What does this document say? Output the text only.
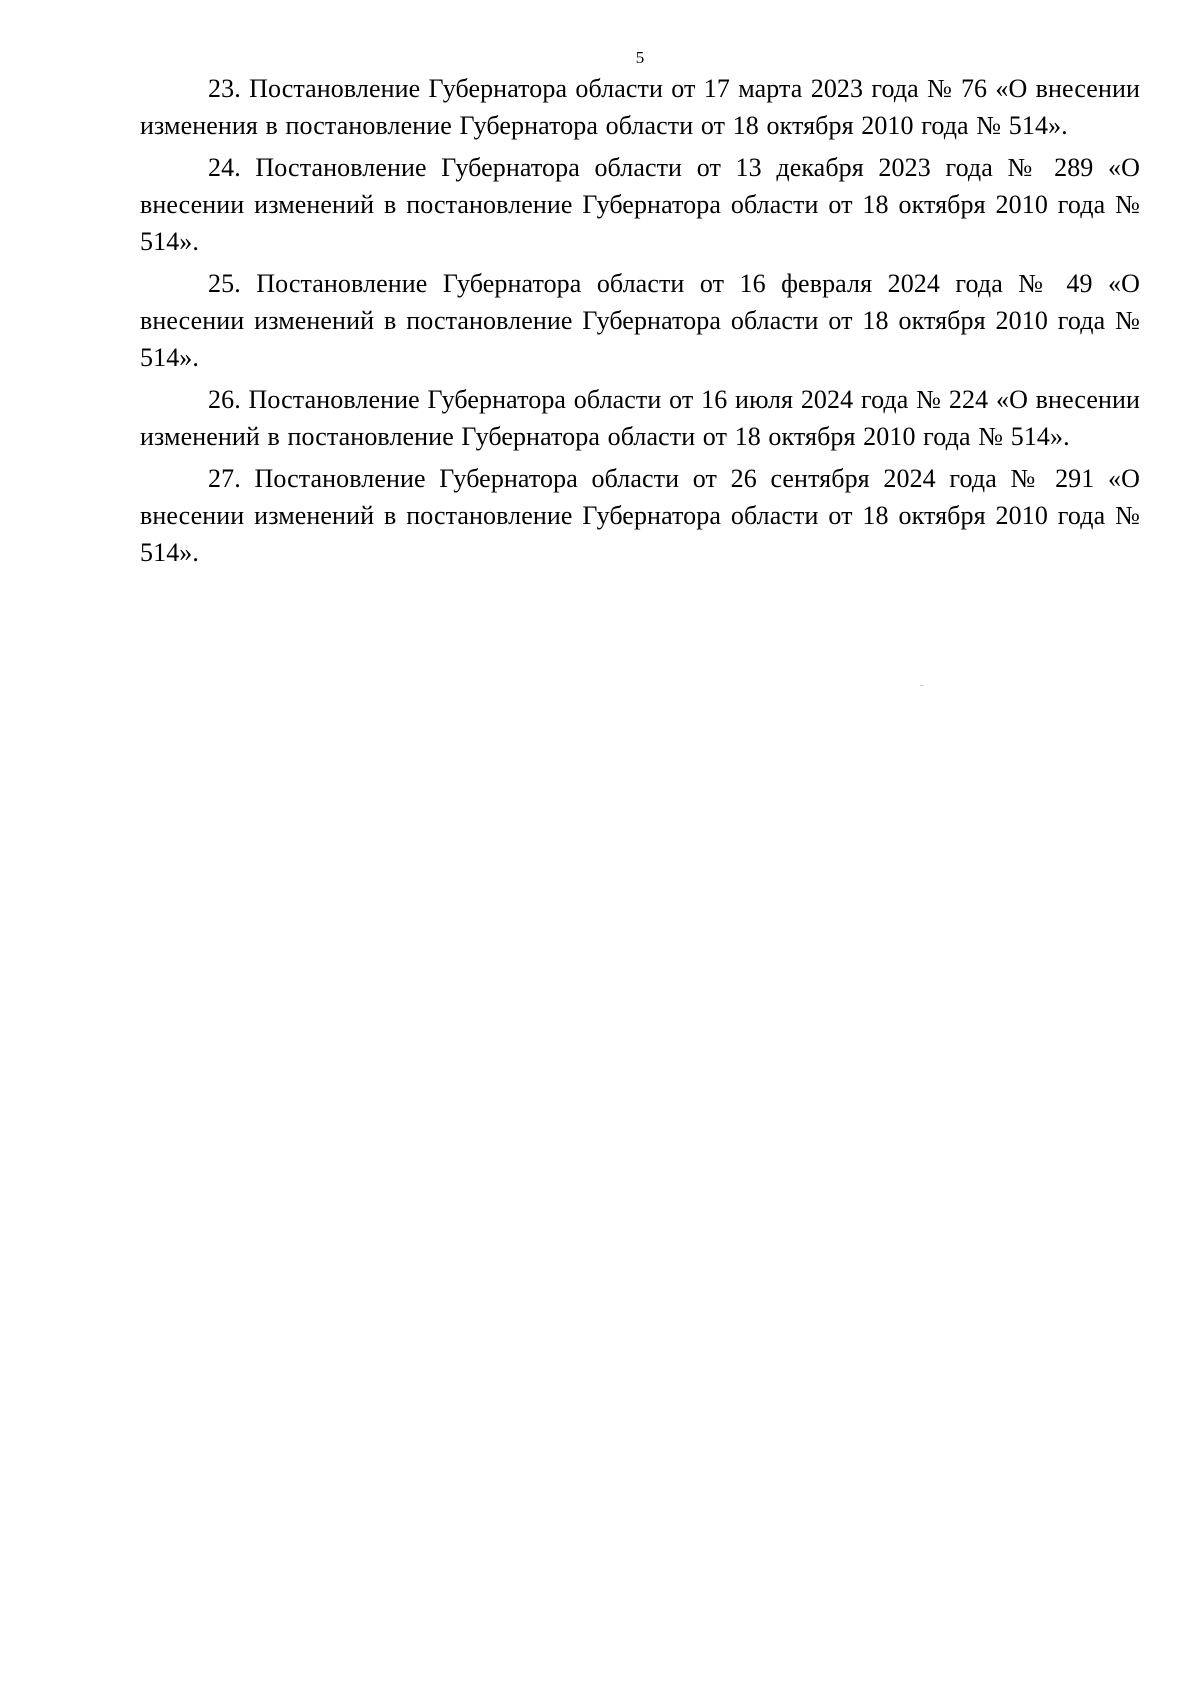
5

23. Постановление Губернатора области от 17 марта 2023 года № 76 «О внесении изменения в постановление Губернатора области от 18 октября 2010 года № 514».

24. Постановление Губернатора области от 13 декабря 2023 года № 289 «О внесении изменений в постановление Губернатора области от 18 октября 2010 года № 514».

25. Постановление Губернатора области от 16 февраля 2024 года № 49 «О внесении изменений в постановление Губернатора области от 18 октября 2010 года № 514».

26. Постановление Губернатора области от 16 июля 2024 года № 224 «О внесении изменений в постановление Губернатора области от 18 октября 2010 года № 514».

27. Постановление Губернатора области от 26 сентября 2024 года № 291 «О внесении изменений в постановление Губернатора области от 18 октября 2010 года № 514».
